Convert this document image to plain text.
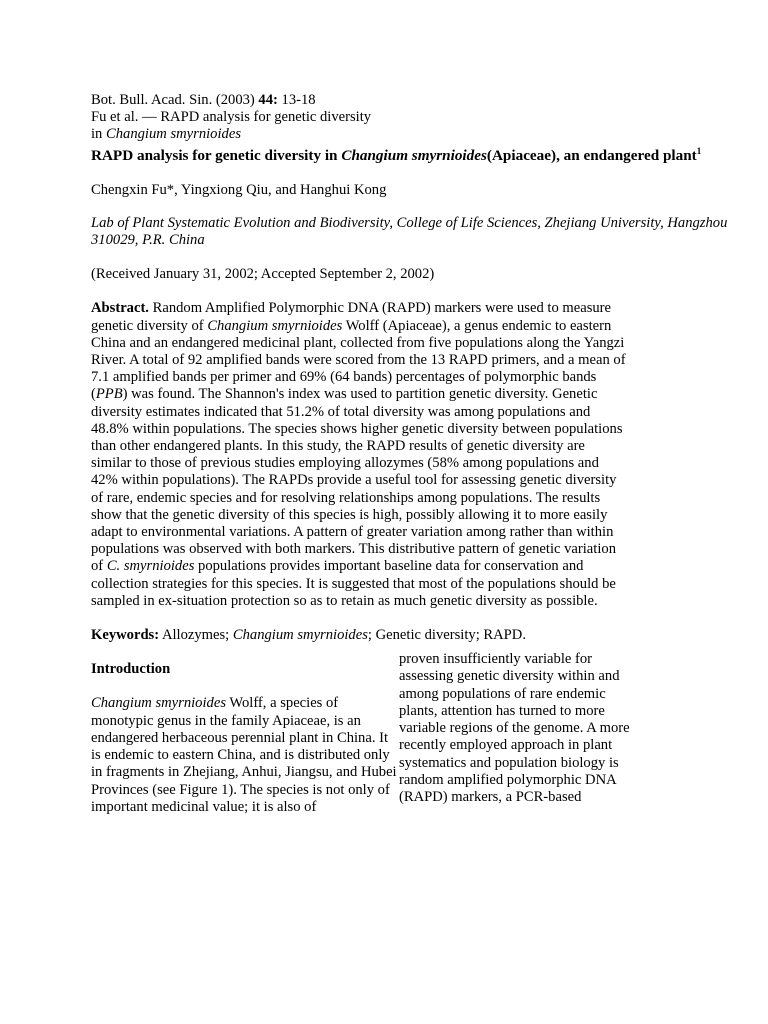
Bot. Bull. Acad. Sin. (2003) 44: 13-18
Fu et al. — RAPD analysis for genetic diversity
in Changium smyrnioides
RAPD analysis for genetic diversity in Changium smyrnioides(Apiaceae), an endangered plant$^1$
Chengxin Fu*, Yingxiong Qiu, and Hanghui Kong
Lab of Plant Systematic Evolution and Biodiversity, College of Life Sciences, Zhejiang University, Hangzhou 310029, P.R. China
(Received January 31, 2002; Accepted September 2, 2002)
Abstract. Random Amplified Polymorphic DNA (RAPD) markers were used to measure genetic diversity of Changium smyrnioides Wolff (Apiaceae), a genus endemic to eastern China and an endangered medicinal plant, collected from five populations along the Yangzi River. A total of 92 amplified bands were scored from the 13 RAPD primers, and a mean of 7.1 amplified bands per primer and 69% (64 bands) percentages of polymorphic bands (PPB) was found. The Shannon's index was used to partition genetic diversity. Genetic diversity estimates indicated that 51.2% of total diversity was among populations and 48.8% within populations. The species shows higher genetic diversity between populations than other endangered plants. In this study, the RAPD results of genetic diversity are similar to those of previous studies employing allozymes (58% among populations and 42% within populations). The RAPDs provide a useful tool for assessing genetic diversity of rare, endemic species and for resolving relationships among populations. The results show that the genetic diversity of this species is high, possibly allowing it to more easily adapt to environmental variations. A pattern of greater variation among rather than within populations was observed with both markers. This distributive pattern of genetic variation
of C. smyrnioides populations provides important baseline data for conservation and collection strategies for this species. It is suggested that most of the populations should be sampled in ex-situation protection so as to retain as much genetic diversity as possible.
Keywords: Allozymes; Changium smyrnioides; Genetic diversity; RAPD.
Introduction
Changium smyrnioides Wolff, a species of monotypic genus in the family Apiaceae, is an endangered herbaceous perennial plant in China. It is endemic to eastern China, and is distributed only in fragments in Zhejiang, Anhui, Jiangsu, and Hubei Provinces (see Figure 1). The species is not only of important medicinal value; it is also of
proven insufficiently variable for assessing genetic diversity within and among populations of rare endemic plants, attention has turned to more variable regions of the genome. A more recently employed approach in plant systematics and population biology is random amplified polymorphic DNA (RAPD) markers, a PCR-based
